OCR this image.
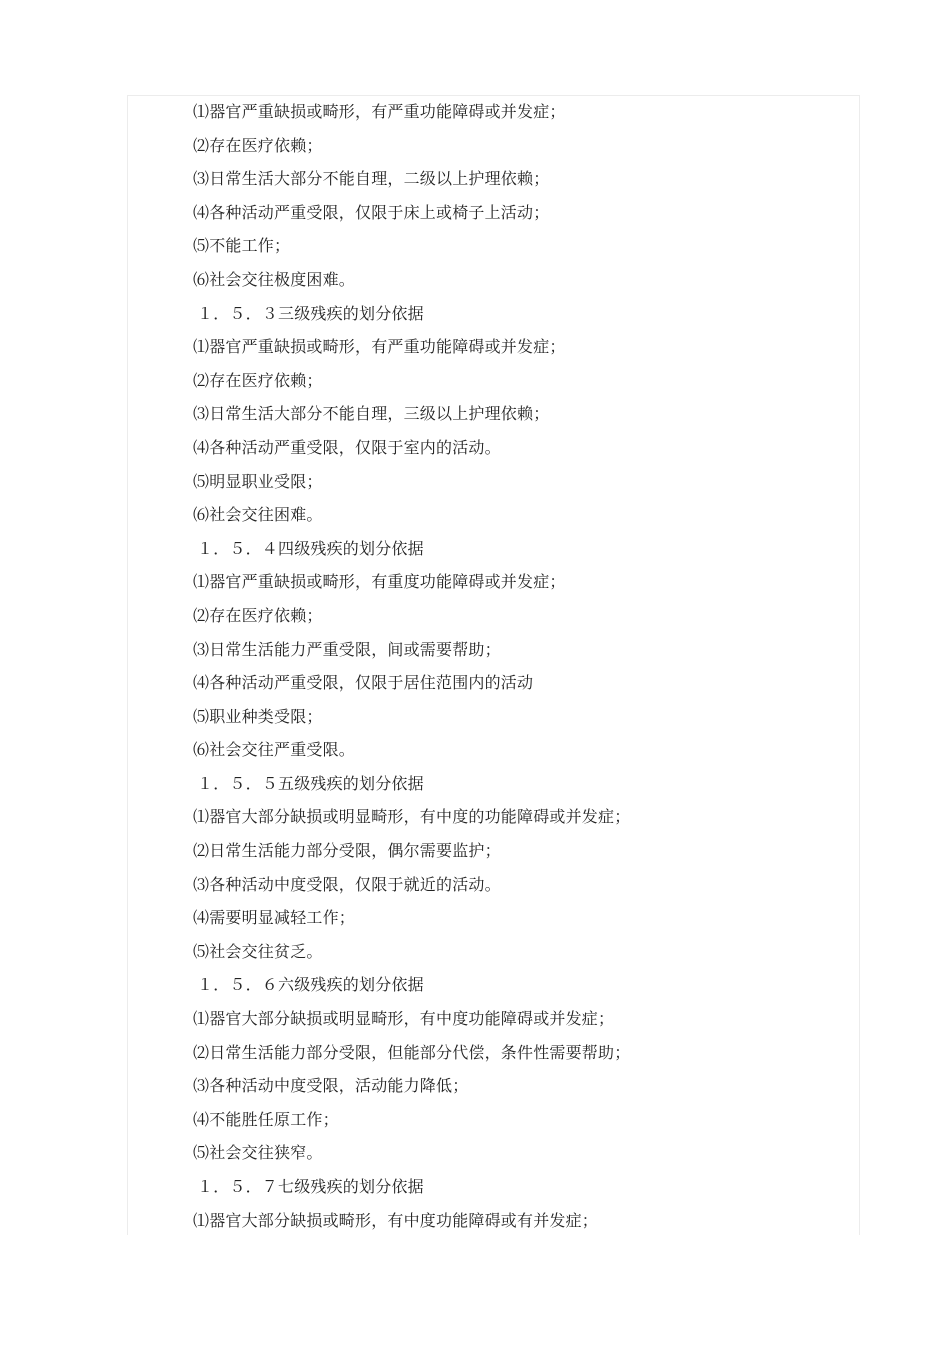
⑴器官严重缺损或畸形，有严重功能障碍或并发症；
⑵存在医疗依赖；
⑶日常生活大部分不能自理，二级以上护理依赖；
⑷各种活动严重受限，仅限于床上或椅子上活动；
⑸不能工作；
⑹社会交往极度困难。
１．５．３三级残疾的划分依据
⑴器官严重缺损或畸形，有严重功能障碍或并发症；
⑵存在医疗依赖；
⑶日常生活大部分不能自理，三级以上护理依赖；
⑷各种活动严重受限，仅限于室内的活动。
⑸明显职业受限；
⑹社会交往困难。
１．５．４四级残疾的划分依据
⑴器官严重缺损或畸形，有重度功能障碍或并发症；
⑵存在医疗依赖；
⑶日常生活能力严重受限，间或需要帮助；
⑷各种活动严重受限，仅限于居住范围内的活动
⑸职业种类受限；
⑹社会交往严重受限。
１．５．５五级残疾的划分依据
⑴器官大部分缺损或明显畸形，有中度的功能障碍或并发症；
⑵日常生活能力部分受限，偶尔需要监护；
⑶各种活动中度受限，仅限于就近的活动。
⑷需要明显减轻工作；
⑸社会交往贫乏。
１．５．６六级残疾的划分依据
⑴器官大部分缺损或明显畸形，有中度功能障碍或并发症；
⑵日常生活能力部分受限，但能部分代偿，条件性需要帮助；
⑶各种活动中度受限，活动能力降低；
⑷不能胜任原工作；
⑸社会交往狭窄。
１．５．７七级残疾的划分依据
⑴器官大部分缺损或畸形，有中度功能障碍或有并发症；
